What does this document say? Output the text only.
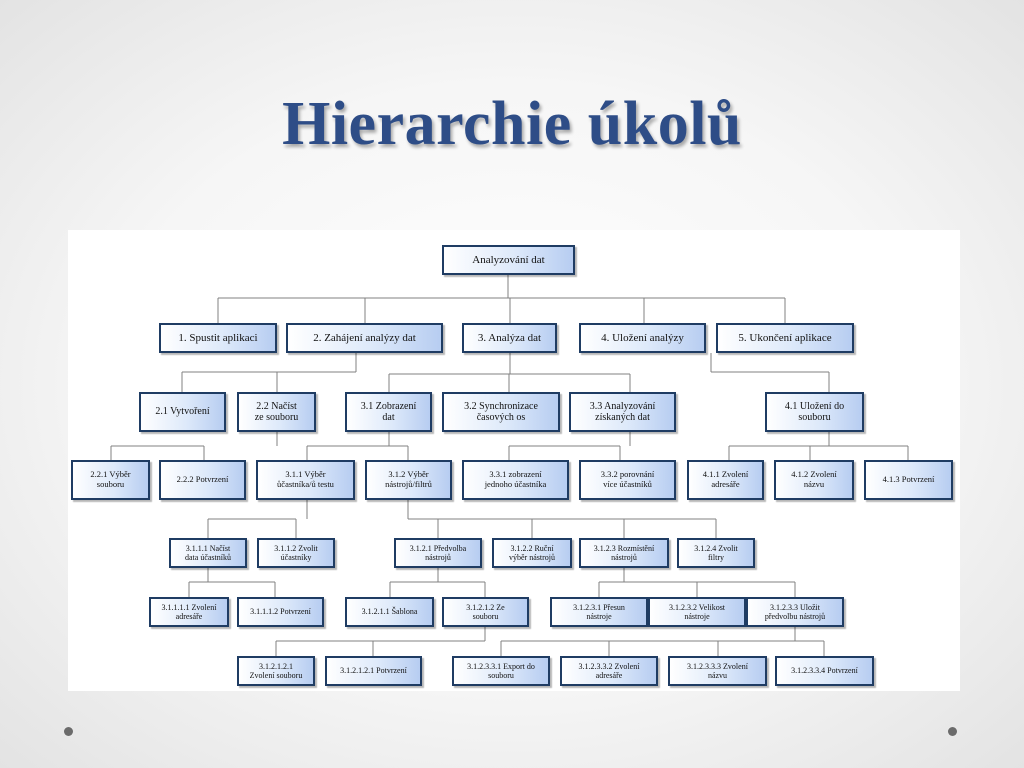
Hierarchie úkolů
Analyzování dat
1. Spustit aplikaci	2. Zahájení analýzy dat	3. Analýza dat	4. Uložení analýzy	5. Ukončení aplikace
2.1 Vytvoření
2.2 Načíst
ze souboru
3.1 Zobrazení
dat
3.2 Synchronizace
časových os
3.3 Analyzování
získaných dat
4.1 Uložení do
souboru
2.2.1 Výběr
souboru	2.2.2 Potvrzení	3.1.1 Výběr
ůčastníka/ů testu
3.1.2 Výběr
nástrojů/filtrů
3.3.1 zobrazení
jednoho účastníka
3.3.2 porovnání
více účastníků
4.1.1 Zvolení
adresáře
4.1.2 Zvolení
názvu	4.1.3 Potvrzení
3.1.1.1 Načíst
data účastníků
3.1.1.2 Zvolit
účastníky
3.1.2.1 Předvolba
nástrojů
3.1.2.2 Ruční
výběr nástrojů
3.1.2.3 Rozmístění
nástrojů
3.1.2.4 Zvolit
filtry
3.1.1.1.1 Zvolení
adresáře
3.1.1.1.2 Potvrzení	3.1.2.1.1 Šablona
3.1.2.1.2 Ze
souboru
3.1.2.3.1 Přesun
nástroje
3.1.2.3.2 Velikost
nástroje
3.1.2.3.3 Uložit
předvolbu nástrojů
3.1.2.1.2.1
Zvolení souboru
3.1.2.1.2.1 Potvrzení
3.1.2.3.3.1 Export do
souboru
3.1.2.3.3.2 Zvolení
adresáře
3.1.2.3.3.3 Zvolení
názvu
3.1.2.3.3.4 Potvrzení
